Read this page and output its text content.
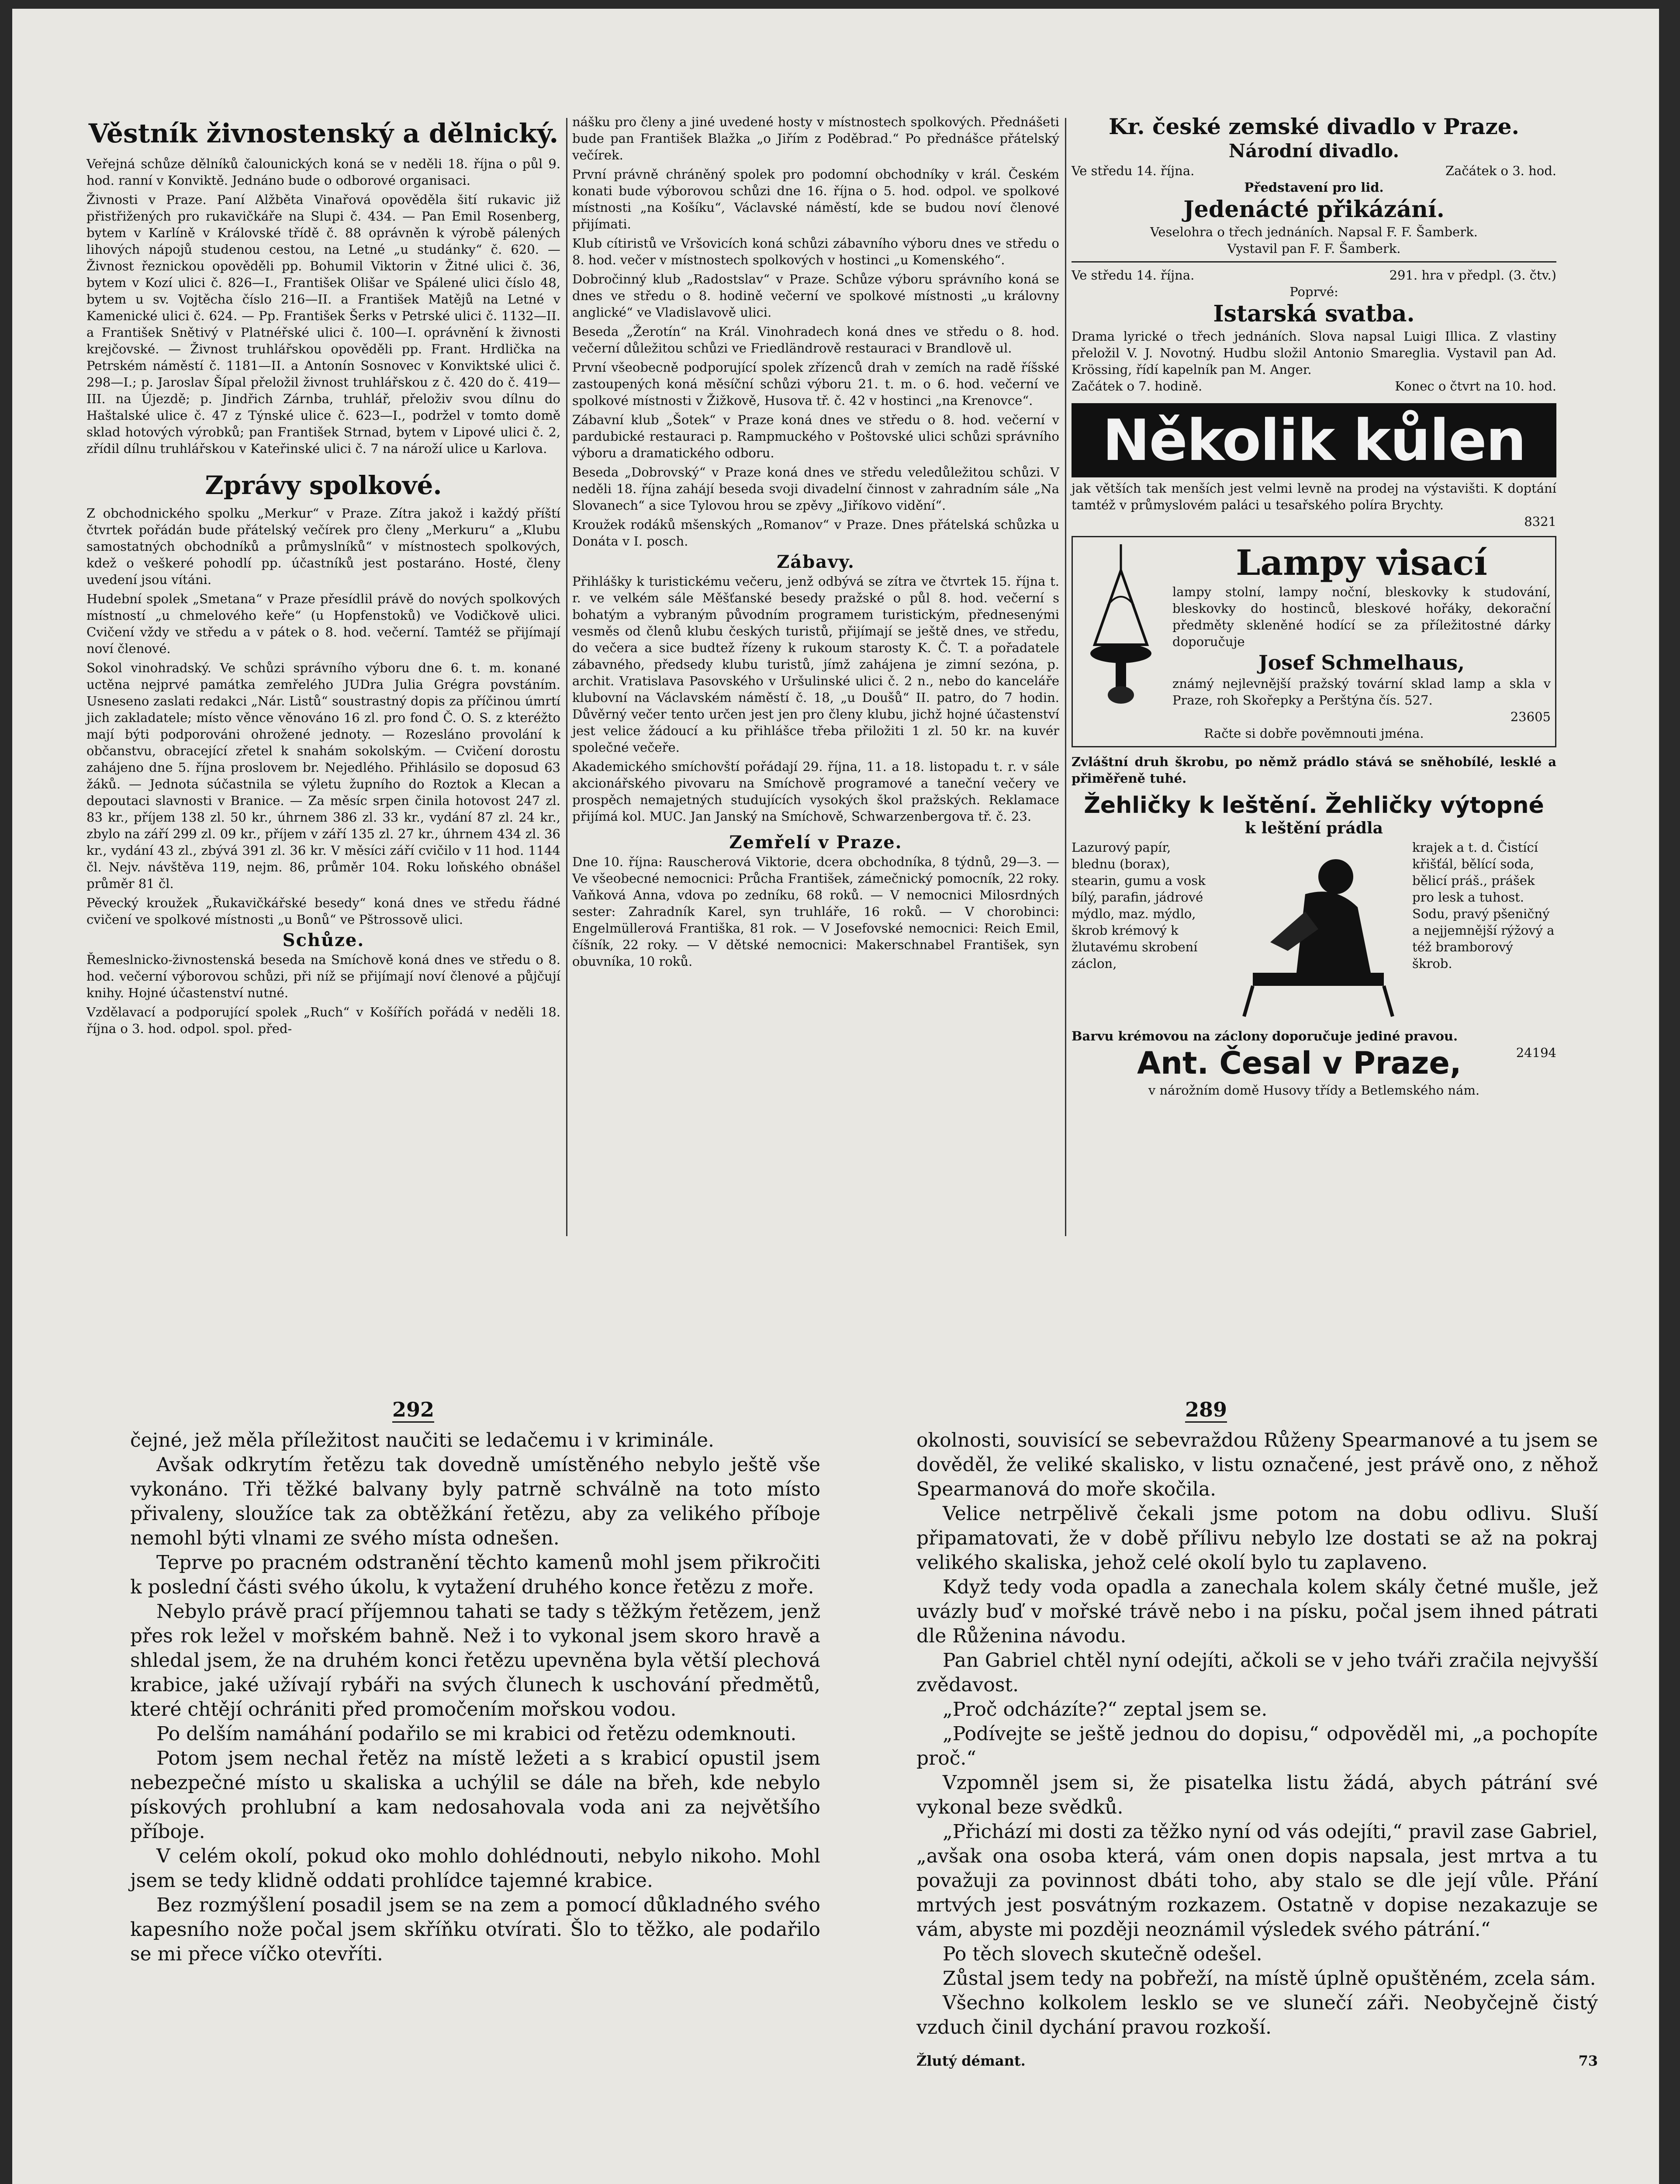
Věstník živnostenský a dělnický.

Veřejná schůze dělníků čalounických koná se v neděli 18. října o půl 9. hod. ranní v Konviktě. Jednáno bude o odborové organisaci.

Živnosti v Praze. Paní Alžběta Vinařová opověděla šití rukavic již přistřižených pro rukavičkáře na Slupi č. 434. — Pan Emil Rosenberg, bytem v Karlíně v Královské třídě č. 88 oprávněn k výrobě pálených lihových nápojů studenou cestou, na Letné „u studánky“ č. 620. — Živnost řeznickou opověděli pp. Bohumil Viktorin v Žitné ulici č. 36, bytem v Kozí ulici č. 826—I., František Olišar ve Spálené ulici číslo 48, bytem u sv. Vojtěcha číslo 216—II. a František Matějů na Letné v Kamenické ulici č. 624. — Pp. František Šerks v Petrské ulici č. 1132—II. a František Snětivý v Platnéřské ulici č. 100—I. oprávnění k živnosti krejčovské. — Živnost truhlářskou opověděli pp. Frant. Hrdlička na Petrském náměstí č. 1181—II. a Antonín Sosnovec v Konviktské ulici č. 298—I.; p. Jaroslav Šípal přeložil živnost truhlářskou z č. 420 do č. 419—III. na Újezdě; p. Jindřich Zárnba, truhlář, přeloživ svou dílnu do Haštalské ulice č. 47 z Týnské ulice č. 623—I., podržel v tomto domě sklad hotových výrobků; pan František Strnad, bytem v Lipové ulici č. 2, zřídil dílnu truhlářskou v Kateřinské ulici č. 7 na nároží ulice u Karlova.

Zprávy spolkové.

Z obchodnického spolku „Merkur“ v Praze. Zítra jakož i každý příští čtvrtek pořádán bude přátelský večírek pro členy „Merkuru“ a „Klubu samostatných obchodníků a průmyslníků“ v místnostech spolkových, kdež o veškeré pohodlí pp. účastníků jest postaráno. Hosté, členy uvedení jsou vítáni.

Hudební spolek „Smetana“ v Praze přesídlil právě do nových spolkových místností „u chmelového keře“ (u Hopfenstoků) ve Vodičkově ulici. Cvičení vždy ve středu a v pátek o 8. hod. večerní. Tamtéž se přijímají noví členové.

Sokol vinohradský. Ve schůzi správního výboru dne 6. t. m. konané uctěna nejprvé památka zemřelého JUDra Julia Grégra povstáním. Usneseno zaslati redakci „Nár. Listů“ soustrastný dopis za příčinou úmrtí jich zakladatele; místo věnce věnováno 16 zl. pro fond Č. O. S. z kteréžto mají býti podporováni ohrožené jednoty. — Rozesláno provolání k občanstvu, obracející zřetel k snahám sokolským. — Cvičení dorostu zahájeno dne 5. října proslovem br. Nejedlého. Přihlásilo se doposud 63 žáků. — Jednota súčastnila se výletu župního do Roztok a Klecan a depoutaci slavnosti v Branice. — Za měsíc srpen činila hotovost 247 zl. 83 kr., příjem 138 zl. 50 kr., úhrnem 386 zl. 33 kr., vydání 87 zl. 24 kr., zbylo na září 299 zl. 09 kr., příjem v září 135 zl. 27 kr., úhrnem 434 zl. 36 kr., vydání 43 zl., zbývá 391 zl. 36 kr. V měsíci září cvičilo v 11 hod. 1144 čl. Nejv. návštěva 119, nejm. 86, průměr 104. Roku loňského obnášel průměr 81 čl.

Pěvecký kroužek „Řukavičkářské besedy“ koná dnes ve středu řádné cvičení ve spolkové místnosti „u Bonů“ ve Pštrossově ulici.

Schůze.

Řemeslnicko-živnostenská beseda na Smíchově koná dnes ve středu o 8. hod. večerní výborovou schůzi, při níž se přijímají noví členové a půjčují knihy. Hojné účastenství nutné.

Vzdělavací a podporující spolek „Ruch“ v Košířích pořádá v neděli 18. října o 3. hod. odpol. spol. před-

nášku pro členy a jiné uvedené hosty v místnostech spolkových. Přednášeti bude pan František Blažka „o Jiřím z Poděbrad.“ Po přednášce přátelský večírek.

První právně chráněný spolek pro podomní obchodníky v král. Českém konati bude výborovou schůzi dne 16. října o 5. hod. odpol. ve spolkové místnosti „na Košíku“, Václavské náměstí, kde se budou noví členové přijímati.

Klub cítiristů ve Vršovicích koná schůzi zábavního výboru dnes ve středu o 8. hod. večer v místnostech spolkových v hostinci „u Komenského“.

Dobročinný klub „Radostslav“ v Praze. Schůze výboru správního koná se dnes ve středu o 8. hodině večerní ve spolkové místnosti „u královny anglické“ ve Vladislavově ulici.

Beseda „Žerotín“ na Král. Vinohradech koná dnes ve středu o 8. hod. večerní důležitou schůzi ve Friedländrově restauraci v Brandlově ul.

První všeobecně podporující spolek zřízenců drah v zemích na radě říšské zastoupených koná měsíční schůzi výboru 21. t. m. o 6. hod. večerní ve spolkové místnosti v Žižkově, Husova tř. č. 42 v hostinci „na Krenovce“.

Zábavní klub „Šotek“ v Praze koná dnes ve středu o 8. hod. večerní v pardubické restauraci p. Rampmuckého v Poštovské ulici schůzi správního výboru a dramatického odboru.

Beseda „Dobrovský“ v Praze koná dnes ve středu veledůležitou schůzi. V neděli 18. října zahájí beseda svoji divadelní činnost v zahradním sále „Na Slovanech“ a sice Tylovou hrou se zpěvy „Jiříkovo vidění“.

Kroužek rodáků mšenských „Romanov“ v Praze. Dnes přátelská schůzka u Donáta v I. posch.

Zábavy.

Přihlášky k turistickému večeru, jenž odbývá se zítra ve čtvrtek 15. října t. r. ve velkém sále Měšťanské besedy pražské o půl 8. hod. večerní s bohatým a vybraným původním programem turistickým, přednesenými vesměs od členů klubu českých turistů, přijímají se ještě dnes, ve středu, do večera a sice budtež řízeny k rukoum starosty K. Č. T. a pořadatele zábavného, předsedy klubu turistů, jímž zahájena je zimní sezóna, p. archit. Vratislava Pasovského v Uršulinské ulici č. 2 n., nebo do kanceláře klubovní na Václavském náměstí č. 18, „u Doušů“ II. patro, do 7 hodin. Důvěrný večer tento určen jest jen pro členy klubu, jichž hojné účastenství jest velice žádoucí a ku přihlášce třeba přiložiti 1 zl. 50 kr. na kuvér společné večeře.

Akademického smíchovští pořádají 29. října, 11. a 18. listopadu t. r. v sále akcionářského pivovaru na Smíchově programové a taneční večery ve prospěch nemajetných studujících vysokých škol pražských. Reklamace přijímá kol. MUC. Jan Janský na Smíchově, Schwarzenbergova tř. č. 23.

Zemřelí v Praze.

Dne 10. října: Rauscherová Viktorie, dcera obchodníka, 8 týdnů, 29—3. — Ve všeobecné nemocnici: Průcha František, zámečnický pomocník, 22 roky. Vaňková Anna, vdova po zedníku, 68 roků. — V nemocnici Milosrdných sester: Zahradník Karel, syn truhláře, 16 roků. — V chorobinci: Engelmüllerová Františka, 81 rok. — V Josefovské nemocnici: Reich Emil, číšník, 22 roky. — V dětské nemocnici: Makerschnabel František, syn obuvníka, 10 roků.

Kr. české zemské divadlo v Praze.
Národní divadlo.
Ve středu 14. října.	Začátek o 3. hod.
Představení pro lid.
Jedenácté přikázání.
Veselohra o třech jednáních. Napsal F. F. Šamberk.
Vystavil pan F. F. Šamberk.
Ve středu 14. října.	291. hra v předpl. (3. čtv.)
Poprvé:
Istarská svatba.

Drama lyrické o třech jednáních. Slova napsal Luigi Illica. Z vlastiny přeložil V. J. Novotný. Hudbu složil Antonio Smareglia. Vystavil pan Ad. Krössing, řídí kapelník pan M. Anger.

Začátek o 7. hodině.	Konec o čtvrt na 10. hod.
Několik kůlen

jak větších tak menších jest velmi levně na prodej na výstavišti. K doptání tamtéž v průmyslovém paláci u tesařského políra Brychty.

8321
Lampy visací

lampy stolní, lampy noční, bleskovky k studování, bleskovky do hostinců, bleskové hořáky, dekorační předměty skleněné hodící se za příležitostné dárky doporučuje

Josef Schmelhaus,

známý nejlevnější pražský tovární sklad lamp a skla v Praze, roh Skořepky a Perštýna čís. 527.

23605
Račte si dobře pověmnouti jména.

Zvláštní druh škrobu, po němž prádlo stává se sněhobílé, lesklé a přiměřeně tuhé.

Žehličky k leštění. Žehličky výtopné
k leštění prádla

Lazurový papír, blednu (borax), stearin, gumu a vosk bílý, parafin, jádrové mýdlo, maz. mýdlo, škrob krémový k žlutavému skrobení záclon,

krajek a t. d. Čistící křišťál, bělící soda, bělicí práš., prášek pro lesk a tuhost. Sodu, pravý pšeničný a nejjemnější rýžový a též bramborový škrob.

Barvu krémovou na záclony doporučuje jediné pravou.

Ant. Česal v Praze,	24194
v nárožním domě Husovy třídy a Betlemského nám.
292

čejné, jež měla příležitost naučiti se ledačemu i v kriminále.

Avšak odkrytím řetězu tak dovedně umístěného nebylo ještě vše vykonáno. Tři těžké balvany byly patrně schválně na toto místo přivaleny, sloužíce tak za obtěžkání řetězu, aby za velikého příboje nemohl býti vlnami ze svého místa odnešen.

Teprve po pracném odstranění těchto kamenů mohl jsem přikročiti k poslední části svého úkolu, k vytažení druhého konce řetězu z moře.

Nebylo právě prací příjemnou tahati se tady s těžkým řetězem, jenž přes rok ležel v mořském bahně. Než i to vykonal jsem skoro hravě a shledal jsem, že na druhém konci řetězu upevněna byla větší plechová krabice, jaké užívají rybáři na svých člunech k uschování předmětů, které chtějí ochrániti před promočením mořskou vodou.

Po delším namáhání podařilo se mi krabici od řetězu odemknouti.

Potom jsem nechal řetěz na místě ležeti a s krabicí opustil jsem nebezpečné místo u skaliska a uchýlil se dále na břeh, kde nebylo pískových prohlubní a kam nedosahovala voda ani za největšího příboje.

V celém okolí, pokud oko mohlo dohlédnouti, nebylo nikoho. Mohl jsem se tedy klidně oddati prohlídce tajemné krabice.

Bez rozmýšlení posadil jsem se na zem a pomocí důkladného svého kapesního nože počal jsem skříňku otvírati. Šlo to těžko, ale podařilo se mi přece víčko otevříti.

289

okolnosti, souvisící se sebevraždou Růženy Spearmanové a tu jsem se dověděl, že veliké skalisko, v listu označené, jest právě ono, z něhož Spearmanová do moře skočila.

Velice netrpělivě čekali jsme potom na dobu odlivu. Sluší připamatovati, že v době přílivu nebylo lze dostati se až na pokraj velikého skaliska, jehož celé okolí bylo tu zaplaveno.

Když tedy voda opadla a zanechala kolem skály četné mušle, jež uvázly buď v mořské trávě nebo i na písku, počal jsem ihned pátrati dle Růženina návodu.

Pan Gabriel chtěl nyní odejíti, ačkoli se v jeho tváři zračila nejvyšší zvědavost.

„Proč odcházíte?“ zeptal jsem se.

„Podívejte se ještě jednou do dopisu,“ odpověděl mi, „a pochopíte proč.“

Vzpomněl jsem si, že pisatelka listu žádá, abych pátrání své vykonal beze svědků.

„Přichází mi dosti za těžko nyní od vás odejíti,“ pravil zase Gabriel, „avšak ona osoba která, vám onen dopis napsala, jest mrtva a tu považuji za povinnost dbáti toho, aby stalo se dle její vůle. Přání mrtvých jest posvátným rozkazem. Ostatně v dopise nezakazuje se vám, abyste mi později neoznámil výsledek svého pátrání.“

Po těch slovech skutečně odešel.

Zůstal jsem tedy na pobřeží, na místě úplně opuštěném, zcela sám.

Všechno kolkolem lesklo se ve slunečí záři. Neobyčejně čistý vzduch činil dychání pravou rozkoší.

Žlutý démant.	73
